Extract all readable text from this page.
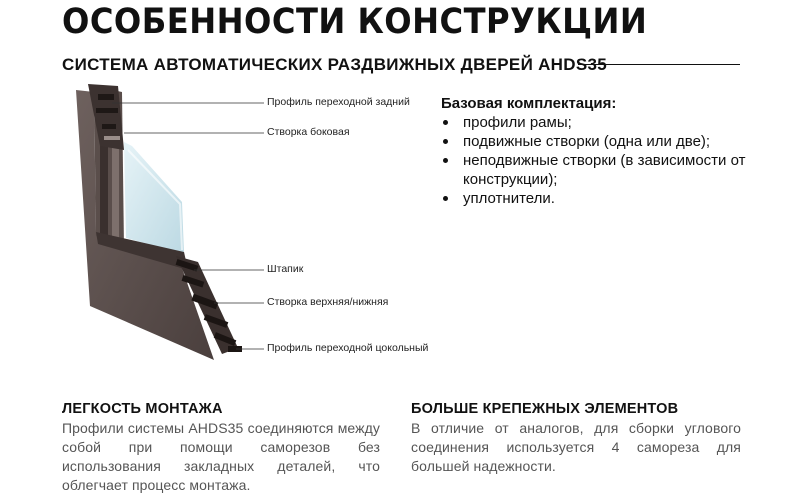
ОСОБЕННОСТИ КОНСТРУКЦИИ
СИСТЕМА АВТОМАТИЧЕСКИХ РАЗДВИЖНЫХ ДВЕРЕЙ AHDS35
Профиль переходной задний
Створка боковая
Штапик
Створка верхняя/нижняя
Профиль переходной цокольный
Базовая комплектация:
профили рамы;
подвижные створки (одна или две);
неподвижные створки (в зависимости от конструкции);
уплотнители.
ЛЕГКОСТЬ МОНТАЖА

Профили системы AHDS35 соединяются между собой при помощи саморезов без использования закладных деталей, что облегчает процесс монтажа.

БОЛЬШЕ КРЕПЕЖНЫХ ЭЛЕМЕНТОВ

В отличие от аналогов, для сборки углового соединения используется 4 самореза для большей надежности.
